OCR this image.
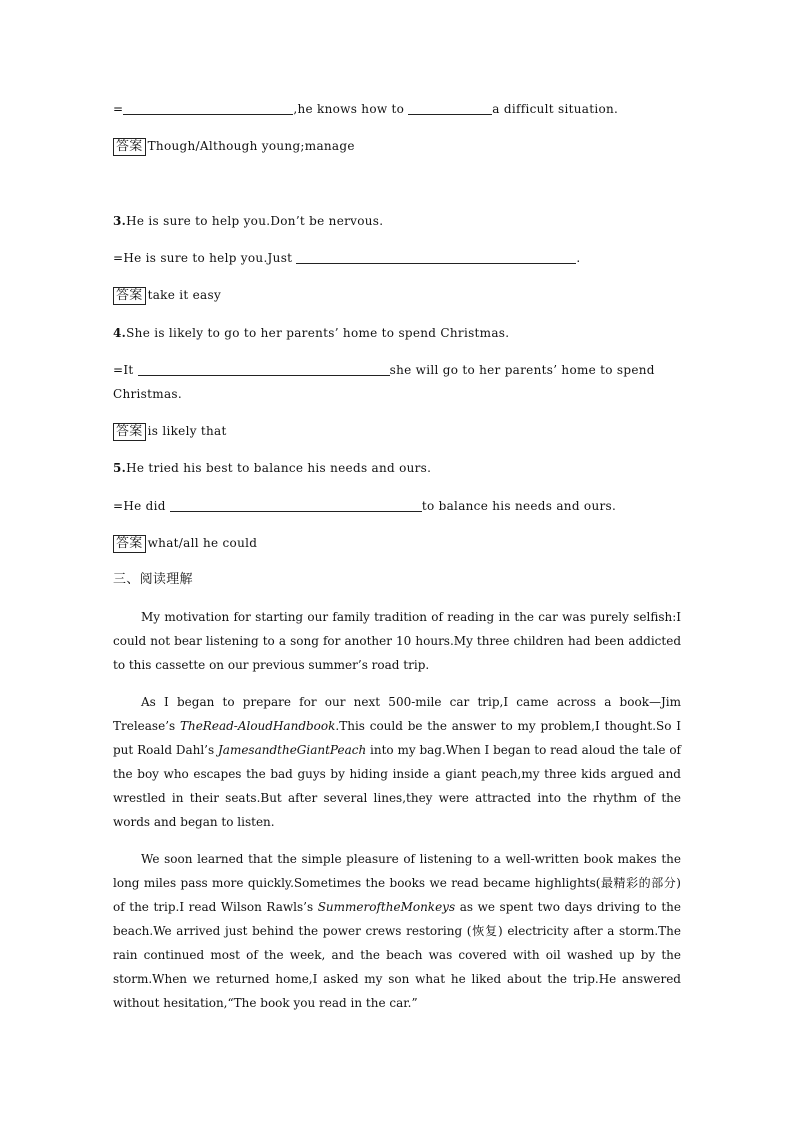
=	,he knows how to	a difficult situation.
答案 Though/Although young;manage
3.He is sure to help you.Don’t be nervous.
=He is sure to help you.Just	.
答案 take it easy
4.She is likely to go to her parents’ home to spend Christmas.
=It	she will go to her parents’ home to spend
Christmas.
答案 is likely that
5.He tried his best to balance his needs and ours.
=He did	to balance his needs and ours.
答案 what/all he could
三、阅读理解

My motivation for starting our family tradition of reading in the car was purely selfish:I could not bear listening to a song for another 10 hours.My three children had been addicted to this cassette on our previous summer’s road trip.

As I began to prepare for our next 500-mile car trip,I came across a book—Jim Trelease’s TheRead-AloudHandbook.This could be the answer to my problem,I thought.So I put Roald Dahl’s JamesandtheGiantPeach into my bag.When I began to read aloud the tale of the boy who escapes the bad guys by hiding inside a giant peach,my three kids argued and wrestled in their seats.But after several lines,they were attracted into the rhythm of the words and began to listen.

We soon learned that the simple pleasure of listening to a well-written book makes the long miles pass more quickly.Sometimes the books we read became highlights(最精彩的部分) of the trip.I read Wilson Rawls’s SummeroftheMonkeys as we spent two days driving to the beach.We arrived just behind the power crews restoring (恢复) electricity after a storm.The rain continued most of the week, and the beach was covered with oil washed up by the storm.When we returned home,I asked my son what he liked about the trip.He answered without hesitation,“The book you read in the car.”
